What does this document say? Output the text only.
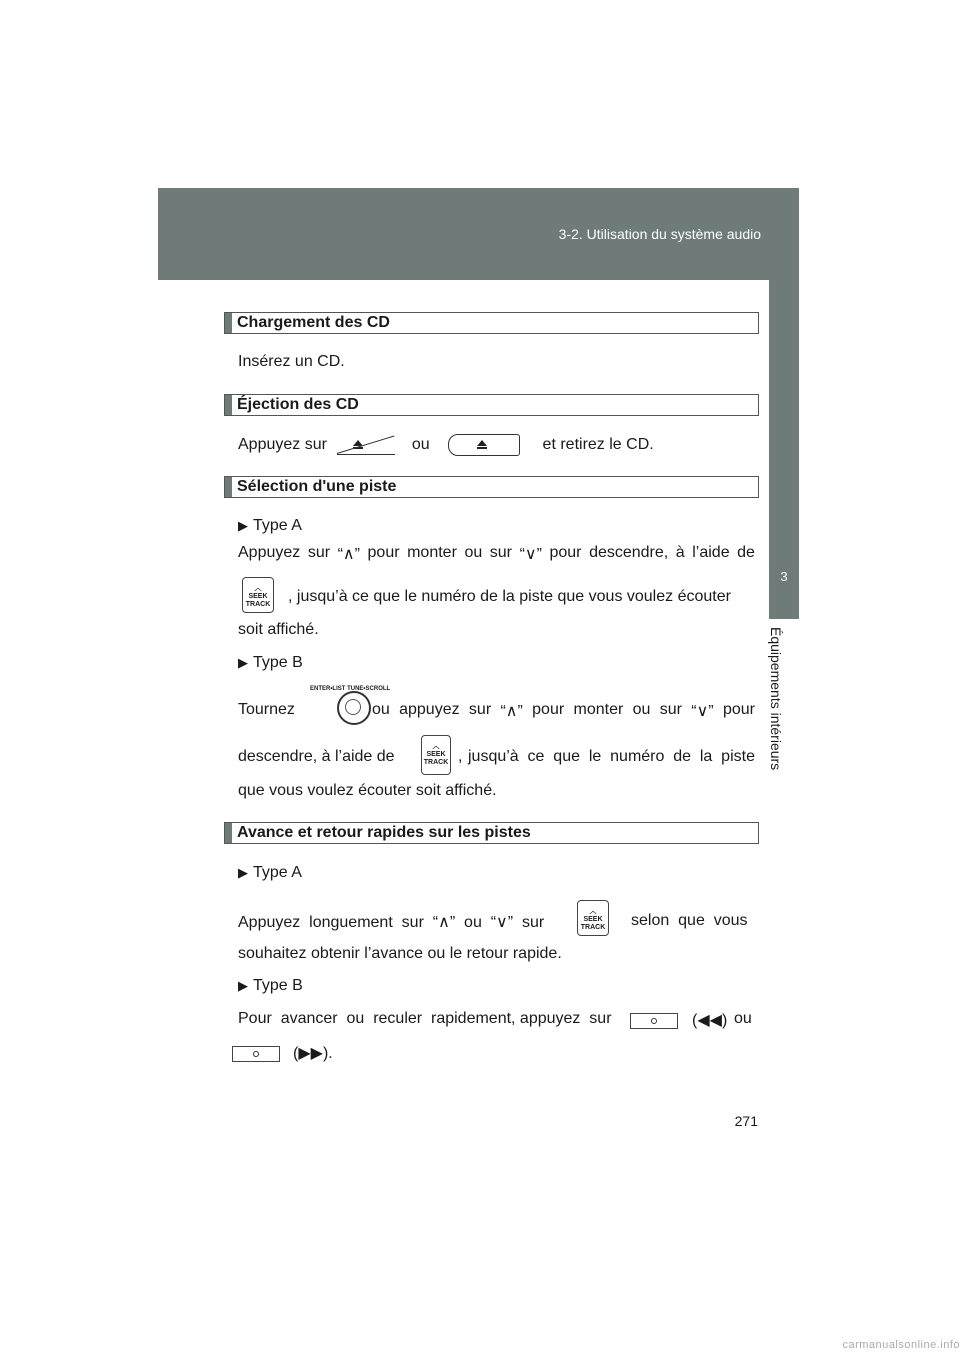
3-2. Utilisation du système audio
3
Équipements intérieurs
Chargement des CD
Insérez un CD.
Éjection des CD
Appuyez sur	ou	et retirez le CD.
Sélection d'une piste
▶ Type A
Appuyez sur “∧” pour monter ou sur “∨” pour descendre, à l’aide de
︿
SEEK
TRACK , jusqu’à ce que le numéro de la piste que vous voulez écouter
soit affiché.
▶ Type B
Tournez
ENTER•LIST TUNE•SCROLL
ou appuyez sur “∧” pour monter ou sur “∨” pour
descendre, à l’aide de
︿
SEEK
TRACK , jusqu’à ce que le numéro de la piste
que vous voulez écouter soit affiché.
Avance et retour rapides sur les pistes
▶ Type A
Appuyez  longuement  sur  “∧”  ou  “∨”  sur
︿
SEEK
TRACK selon  que  vous
souhaitez obtenir l’avance ou le retour rapide.
▶ Type B
Pour  avancer  ou  reculer  rapidement, appuyez  sur	(◀◀) ou
(▶▶).
271
carmanualsonline.info
